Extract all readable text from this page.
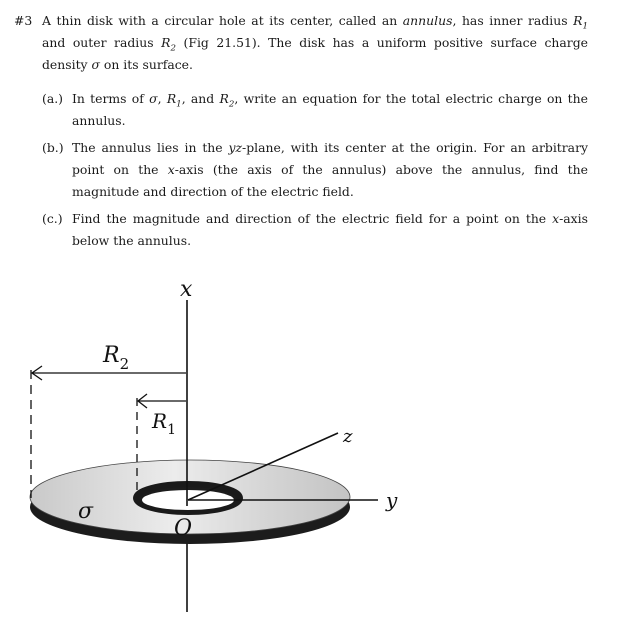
#3 A thin disk with a circular hole at its center, called an annulus, has inner radius $R_1$ and outer radius $R_2$ (Fig 21.51). The disk has a uniform positive surface charge density σ on its surface.
(a.) In terms of σ, $R_1$, and $R_2$, write an equation for the total electric charge on the annulus.
(b.) The annulus lies in the yz-plane, with its center at the origin. For an arbitrary point on the x-axis (the axis of the annulus) above the annulus, find the magnitude and direction of the electric field.
(c.) Find the magnitude and direction of the electric field for a point on the x-axis below the annulus.
x
y
z
O
σ
$R_2$
$R_1$
